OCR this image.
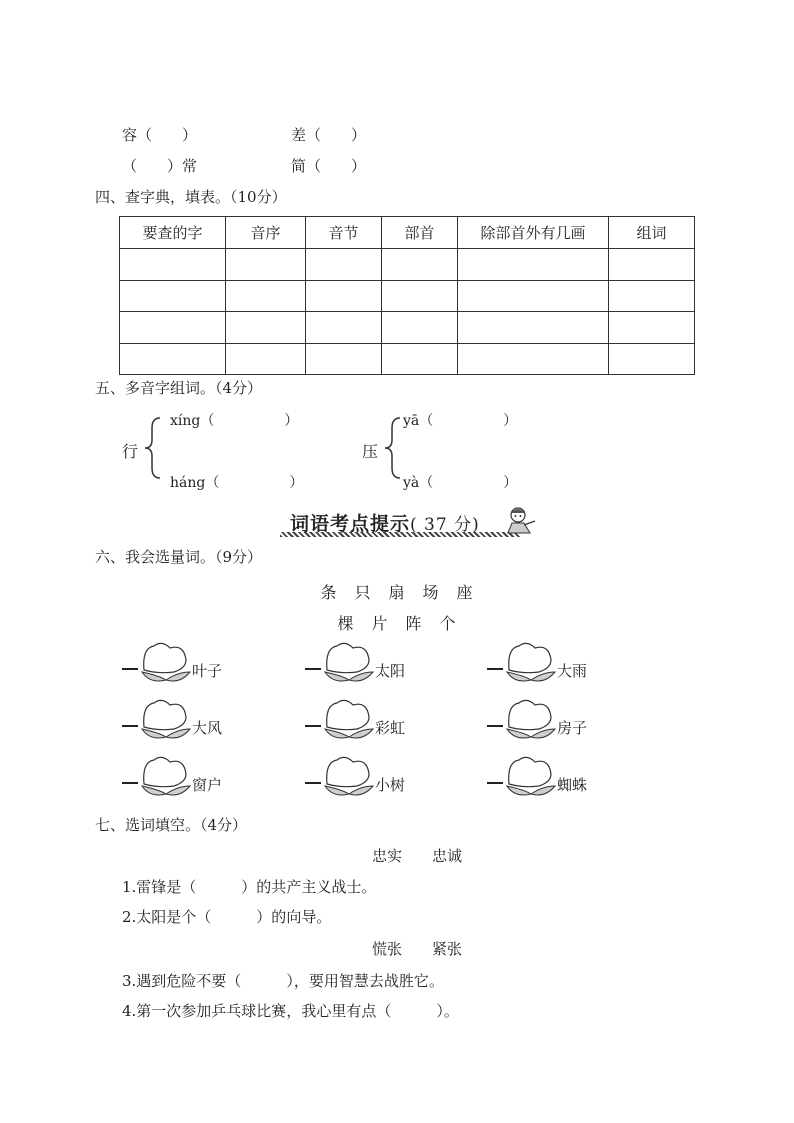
容（　　）	差（　　）
（　　）常	简（　　）
四、查字典，填表。（10分）
要查的字	音序	音节	部首	除部首外有几画	组词

五、多音字组词。（4分）
行
xíng（　　　　　）
háng（　　　　　）
压
yā（　　　　　）
yà（　　　　　）
词语考点提示( 37 分)
六、我会选量词。（9分）
条　只　扇　场　座
棵　片　阵　个
叶子	太阳	大雨
大风	彩虹	房子
窗户	小树	蜘蛛
七、选词填空。（4分）
忠实　　忠诚
1.雷锋是（　　　）的共产主义战士。
2.太阳是个（　　　）的向导。
慌张　　紧张
3.遇到危险不要（　　　），要用智慧去战胜它。
4.第一次参加乒乓球比赛，我心里有点（　　　）。
